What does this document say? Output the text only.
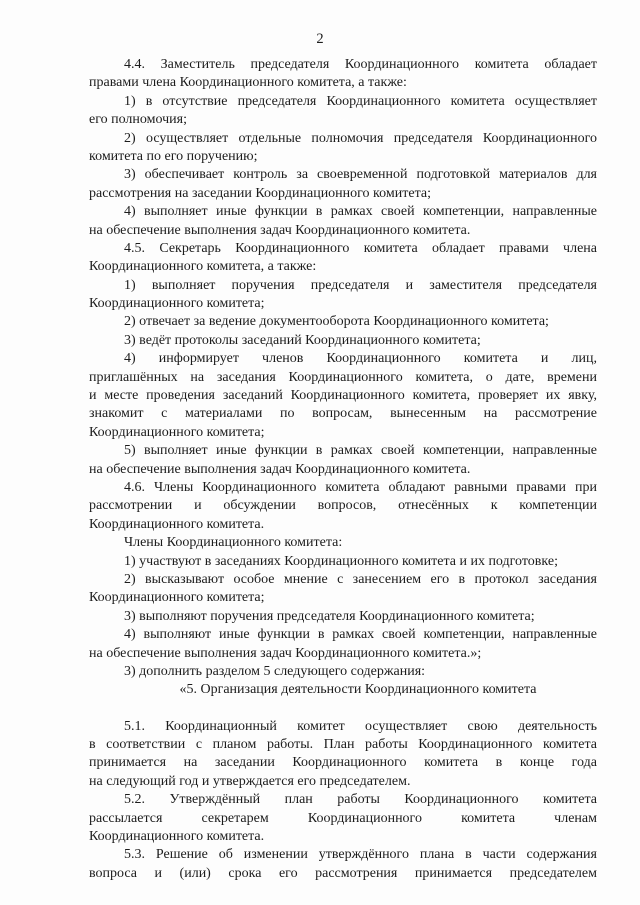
2
4.4. Заместитель председателя Координационного комитета обладает
правами члена Координационного комитета, а также:
1) в отсутствие председателя Координационного комитета осуществляет
его полномочия;
2) осуществляет отдельные полномочия председателя Координационного
комитета по его поручению;
3) обеспечивает контроль за своевременной подготовкой материалов для
рассмотрения на заседании Координационного комитета;
4) выполняет иные функции в рамках своей компетенции, направленные
на обеспечение выполнения задач Координационного комитета.
4.5. Секретарь Координационного комитета обладает правами члена
Координационного комитета, а также:
1) выполняет поручения председателя и заместителя председателя
Координационного комитета;
2) отвечает за ведение документооборота Координационного комитета;
3) ведёт протоколы заседаний Координационного комитета;
4) информирует членов Координационного комитета и лиц,
приглашённых на заседания Координационного комитета, о дате, времени
и месте проведения заседаний Координационного комитета, проверяет их явку,
знакомит с материалами по вопросам, вынесенным на рассмотрение
Координационного комитета;
5) выполняет иные функции в рамках своей компетенции, направленные
на обеспечение выполнения задач Координационного комитета.
4.6. Члены Координационного комитета обладают равными правами при
рассмотрении и обсуждении вопросов, отнесённых к компетенции
Координационного комитета.
Члены Координационного комитета:
1) участвуют в заседаниях Координационного комитета и их подготовке;
2) высказывают особое мнение с занесением его в протокол заседания
Координационного комитета;
3) выполняют поручения председателя Координационного комитета;
4) выполняют иные функции в рамках своей компетенции, направленные
на обеспечение выполнения задач Координационного комитета.»;
3) дополнить разделом 5 следующего содержания:
«5. Организация деятельности Координационного комитета
5.1. Координационный комитет осуществляет свою деятельность
в соответствии с планом работы. План работы Координационного комитета
принимается на заседании Координационного комитета в конце года
на следующий год и утверждается его председателем.
5.2. Утверждённый план работы Координационного комитета
рассылается секретарем Координационного комитета членам
Координационного комитета.
5.3. Решение об изменении утверждённого плана в части содержания
вопроса и (или) срока его рассмотрения принимается председателем
